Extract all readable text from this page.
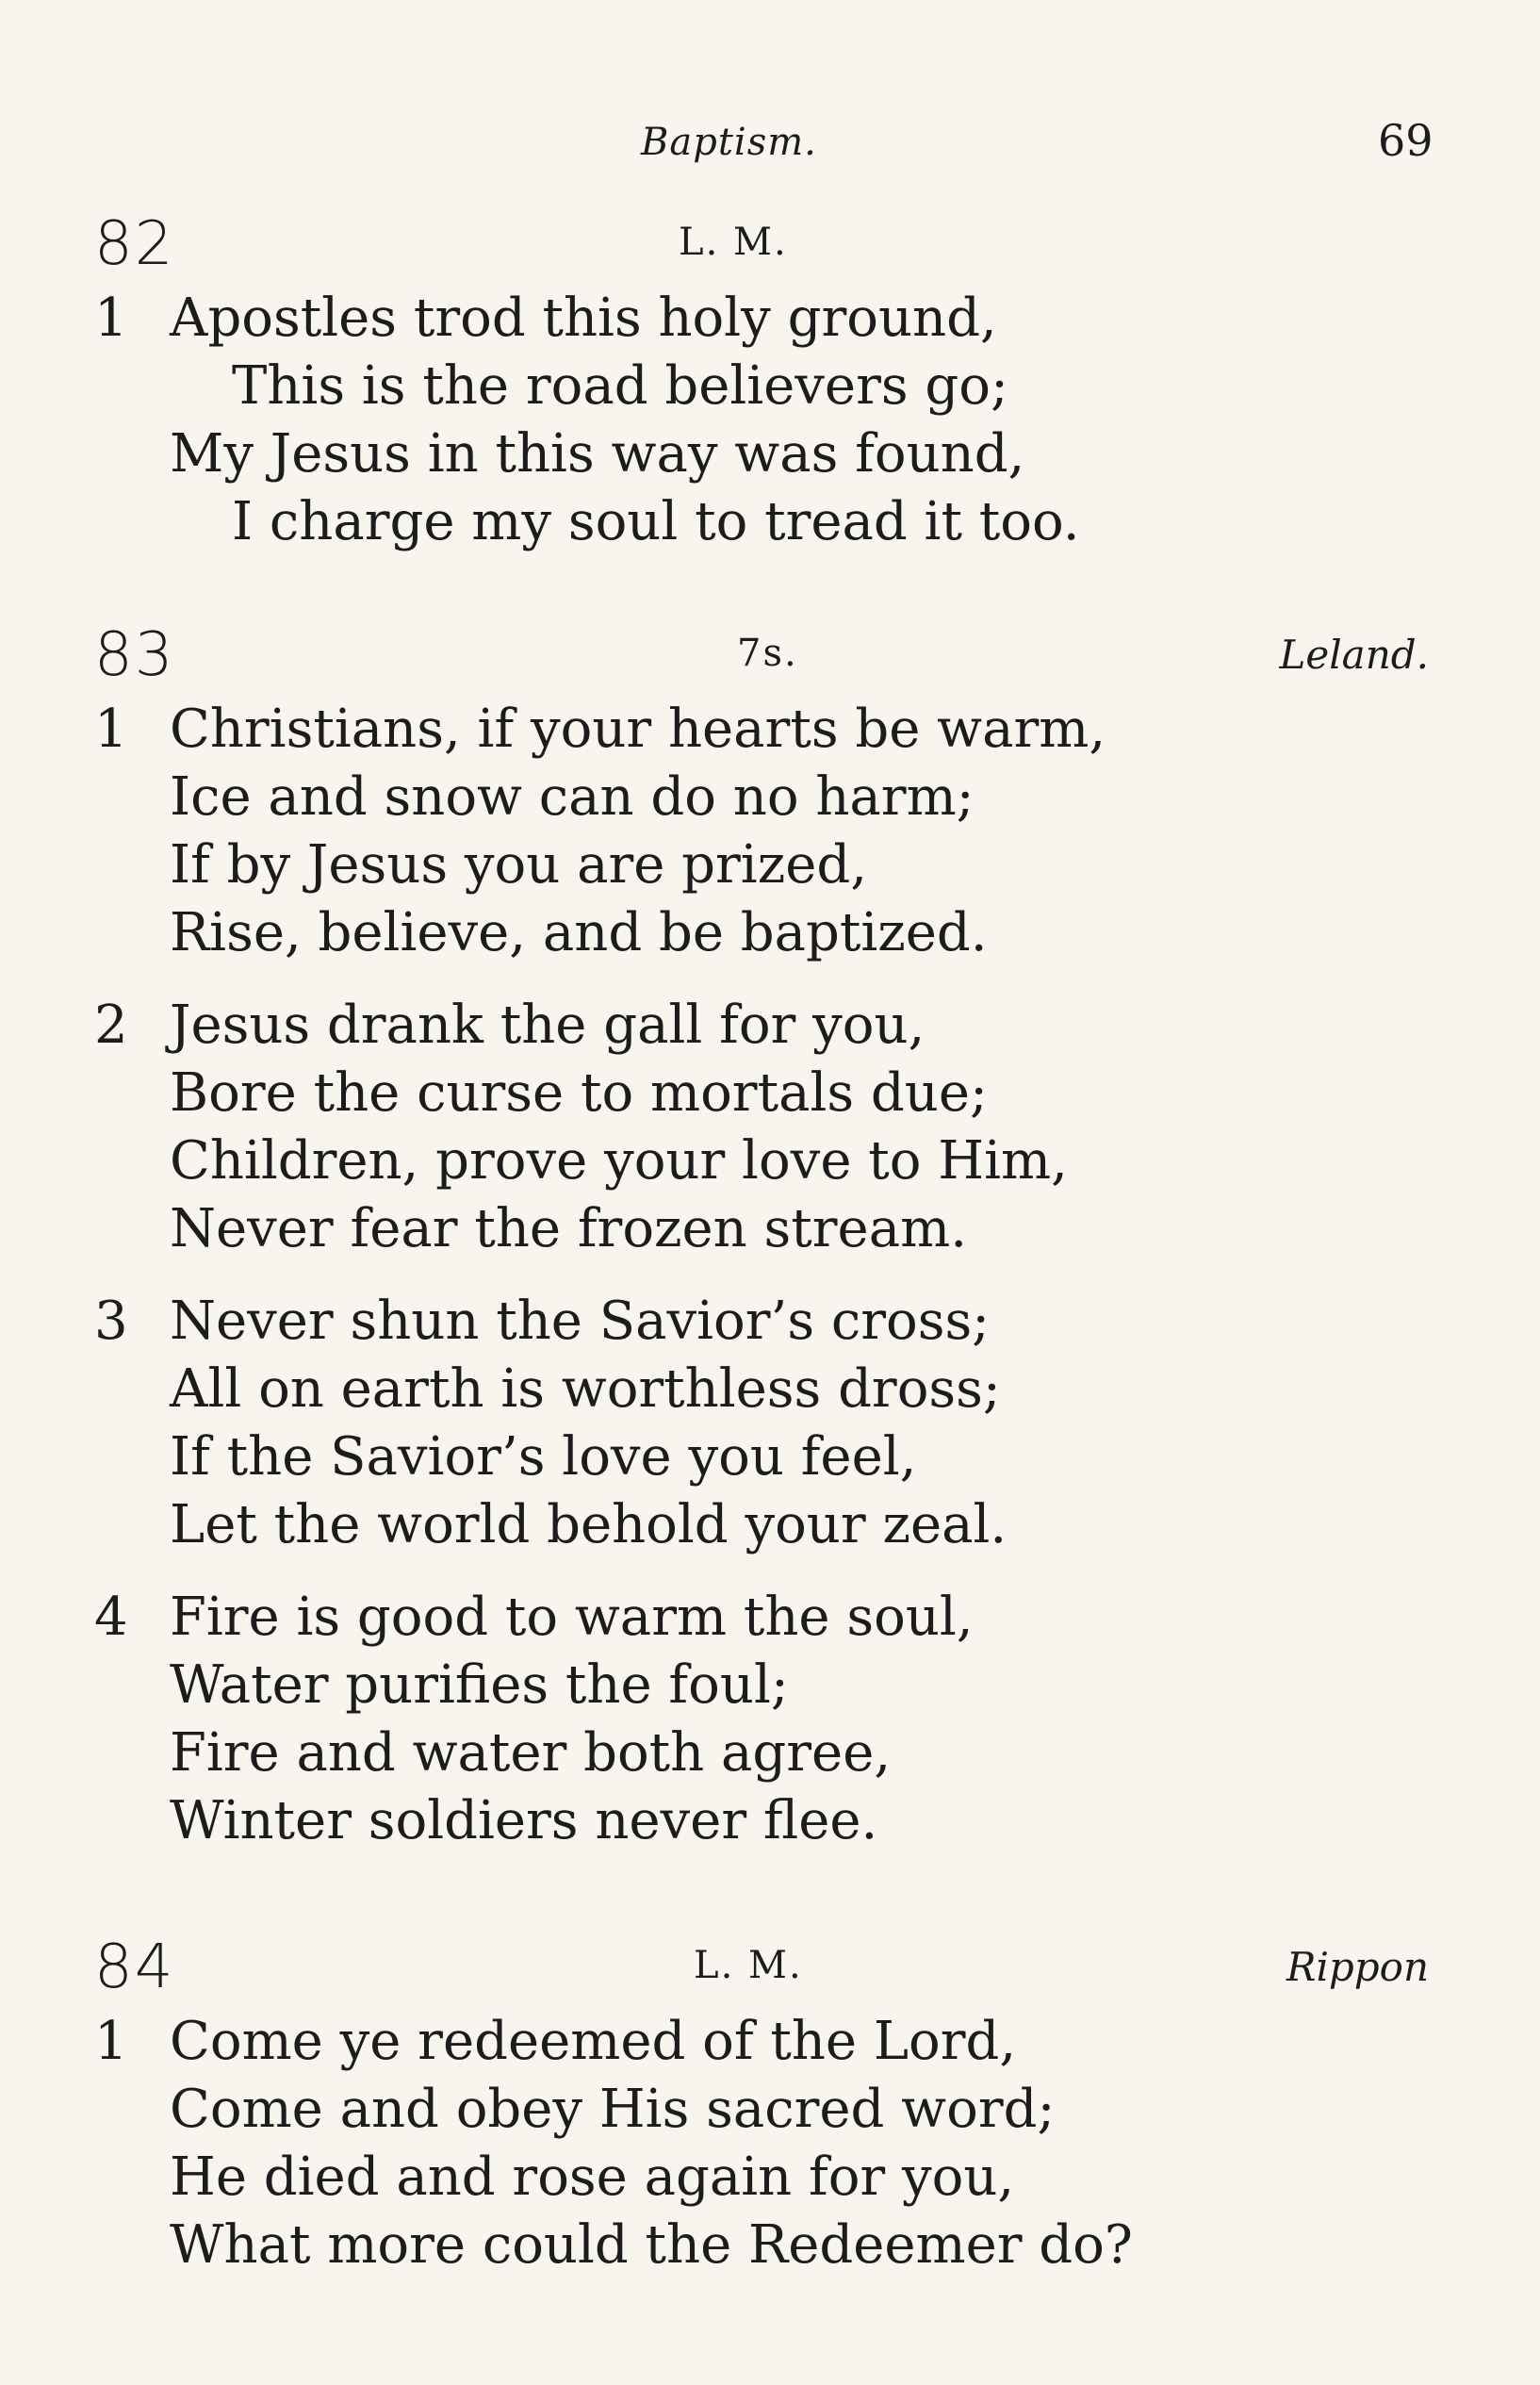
Baptism.	69
82	L. M.
1 Apostles trod this holy ground,
This is the road believers go;
My Jesus in this way was found,
I charge my soul to tread it too.
83	7s.	Leland.
1 Christians, if your hearts be warm,
Ice and snow can do no harm;
If by Jesus you are prized,
Rise, believe, and be baptized.
2 Jesus drank the gall for you,
Bore the curse to mortals due;
Children, prove your love to Him,
Never fear the frozen stream.
3 Never shun the Savior’s cross;
All on earth is worthless dross;
If the Savior’s love you feel,
Let the world behold your zeal.
4 Fire is good to warm the soul,
Water purifies the foul;
Fire and water both agree,
Winter soldiers never flee.
84	L. M.	Rippon
1 Come ye redeemed of the Lord,
Come and obey His sacred word;
He died and rose again for you,
What more could the Redeemer do?
